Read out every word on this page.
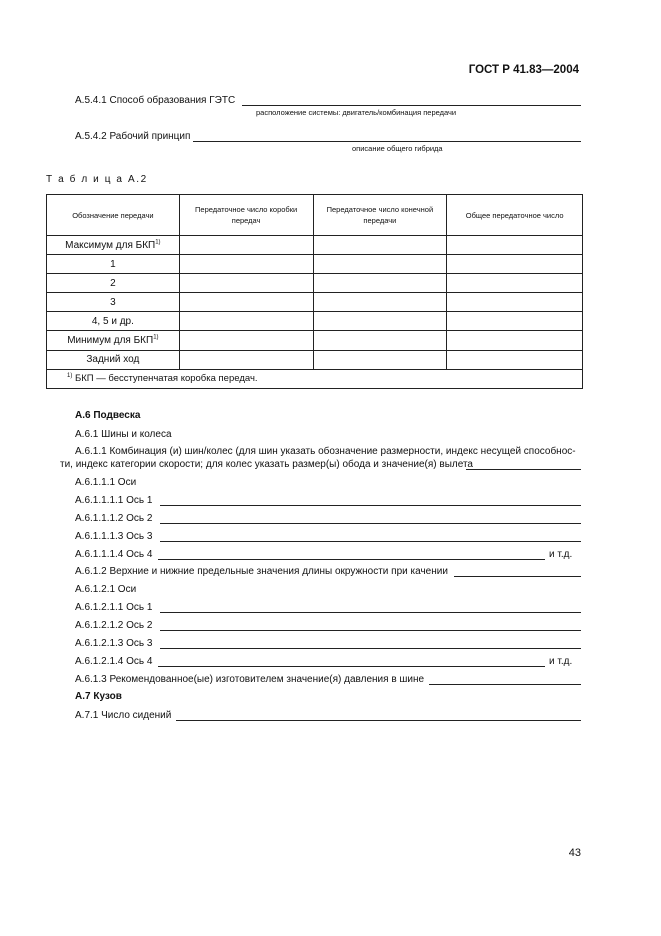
ГОСТ Р 41.83—2004
А.5.4.1 Способ образования ГЭТС
расположение системы: двигатель/комбинация передачи
А.5.4.2 Рабочий принцип
описание общего гибрида
Т а б л и ц а А.2
Обозначение передачи	Передаточное число коробки передач	Передаточное число конечной передачи	Общее передаточное число
Максимум для БКП$^{1)}$			
1			
2			
3			
4, 5 и др.			
Минимум для БКП$^{1)}$			
Задний ход			
$^{1)}$ БКП — бесступенчатая коробка передач.			
А.6 Подвеска
А.6.1 Шины и колеса
А.6.1.1 Комбинация (и) шин/колес (для шин указать обозначение размерности, индекс несущей способнос-
ти, индекс категории скорости; для колес указать размер(ы) обода и значение(я) вылета
А.6.1.1.1 Оси
А.6.1.1.1.1 Ось 1
А.6.1.1.1.2 Ось 2
А.6.1.1.1.3 Ось 3
А.6.1.1.1.4 Ось 4	и т.д.
А.6.1.2 Верхние и нижние предельные значения длины окружности при качении
А.6.1.2.1 Оси
А.6.1.2.1.1 Ось 1
А.6.1.2.1.2 Ось 2
А.6.1.2.1.3 Ось 3
А.6.1.2.1.4 Ось 4	и т.д.
А.6.1.3 Рекомендованное(ые) изготовителем значение(я) давления в шине
А.7 Кузов
А.7.1 Число сидений
43
